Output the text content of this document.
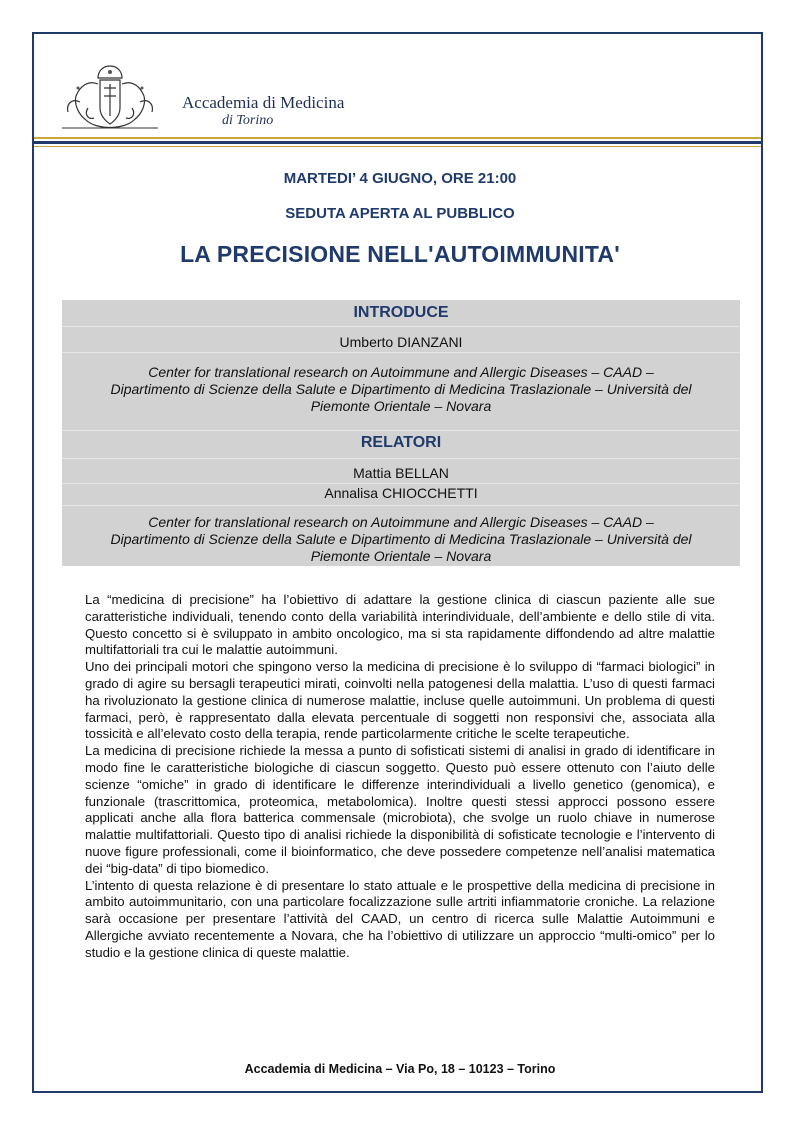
Accademia di Medicina
di Torino
MARTEDI’ 4 GIUGNO, ORE 21:00
SEDUTA APERTA AL PUBBLICO
LA PRECISIONE NELL'AUTOIMMUNITA'
INTRODUCE
Umberto DIANZANI
Center for translational research on Autoimmune and Allergic Diseases – CAAD –
Dipartimento di Scienze della Salute e Dipartimento di Medicina Traslazionale – Università del
Piemonte Orientale – Novara
RELATORI
Mattia BELLAN
Annalisa CHIOCCHETTI
Center for translational research on Autoimmune and Allergic Diseases – CAAD –
Dipartimento di Scienze della Salute e Dipartimento di Medicina Traslazionale – Università del
Piemonte Orientale – Novara

La “medicina di precisione” ha l’obiettivo di adattare la gestione clinica di ciascun paziente alle sue caratteristiche individuali, tenendo conto della variabilità interindividuale, dell’ambiente e dello stile di vita. Questo concetto si è sviluppato in ambito oncologico, ma si sta rapidamente diffondendo ad altre malattie multifattoriali tra cui le malattie autoimmuni.

Uno dei principali motori che spingono verso la medicina di precisione è lo sviluppo di “farmaci biologici” in grado di agire su bersagli terapeutici mirati, coinvolti nella patogenesi della malattia. L’uso di questi farmaci ha rivoluzionato la gestione clinica di numerose malattie, incluse quelle autoimmuni. Un problema di questi farmaci, però, è rappresentato dalla elevata percentuale di soggetti non responsivi che, associata alla tossicità e all’elevato costo della terapia, rende particolarmente critiche le scelte terapeutiche.

La medicina di precisione richiede la messa a punto di sofisticati sistemi di analisi in grado di identificare in modo fine le caratteristiche biologiche di ciascun soggetto. Questo può essere ottenuto con l’aiuto delle scienze “omiche” in grado di identificare le differenze interindividuali a livello genetico (genomica), e funzionale (trascrittomica, proteomica, metabolomica). Inoltre questi stessi approcci possono essere applicati anche alla flora batterica commensale (microbiota), che svolge un ruolo chiave in numerose malattie multifattoriali. Questo tipo di analisi richiede la disponibilità di sofisticate tecnologie e l’intervento di nuove figure professionali, come il bioinformatico, che deve possedere competenze nell’analisi matematica dei “big-data” di tipo biomedico.

L’intento di questa relazione è di presentare lo stato attuale e le prospettive della medicina di precisione in ambito autoimmunitario, con una particolare focalizzazione sulle artriti infiammatorie croniche. La relazione sarà occasione per presentare l’attività del CAAD, un centro di ricerca sulle Malattie Autoimmuni e Allergiche avviato recentemente a Novara, che ha l’obiettivo di utilizzare un approccio “multi-omico” per lo studio e la gestione clinica di queste malattie.

Accademia di Medicina – Via Po, 18 – 10123 – Torino
